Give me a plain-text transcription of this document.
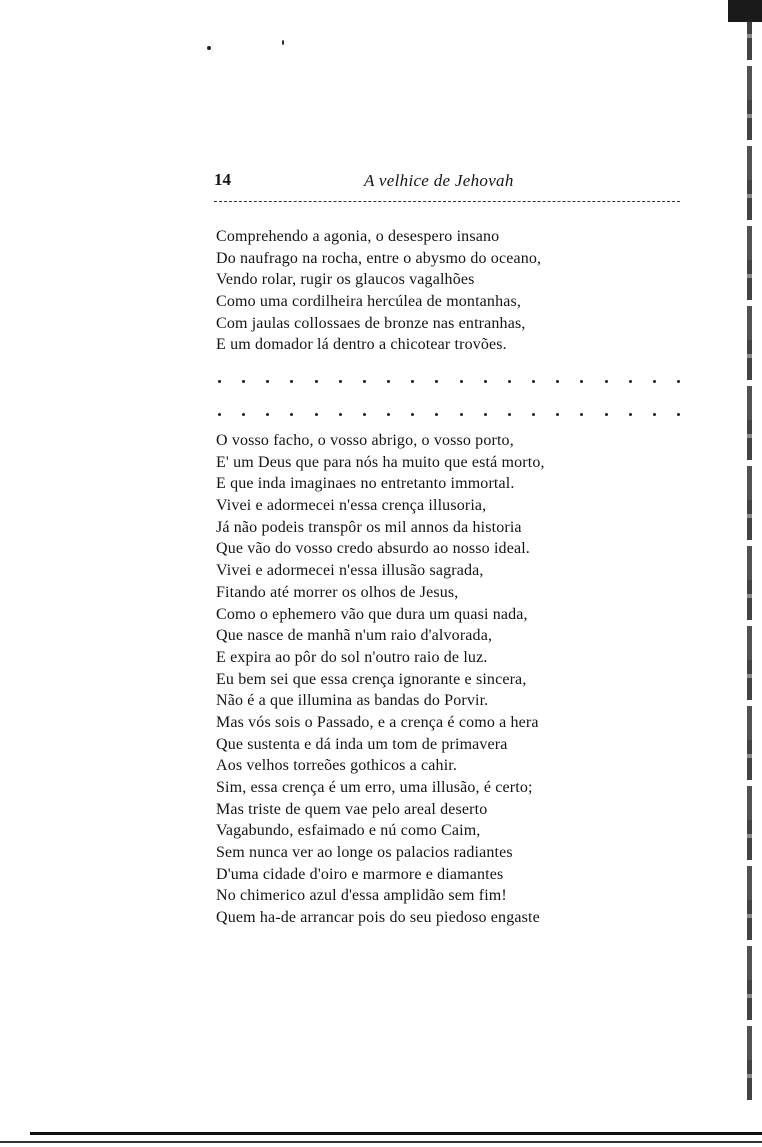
14	A velhice de Jehovah
Comprehendo a agonia, o desespero insano
Do naufrago na rocha, entre o abysmo do oceano,
Vendo rolar, rugir os glaucos vagalhões
Como uma cordilheira hercúlea de montanhas,
Com jaulas collossaes de bronze nas entranhas,
E um domador lá dentro a chicotear trovões.
O vosso facho, o vosso abrigo, o vosso porto,
E' um Deus que para nós ha muito que está morto,
E que inda imaginaes no entretanto immortal.
Vivei e adormecei n'essa crença illusoria,
Já não podeis transpôr os mil annos da historia
Que vão do vosso credo absurdo ao nosso ideal.
Vivei e adormecei n'essa illusão sagrada,
Fitando até morrer os olhos de Jesus,
Como o ephemero vão que dura um quasi nada,
Que nasce de manhã n'um raio d'alvorada,
E expira ao pôr do sol n'outro raio de luz.
Eu bem sei que essa crença ignorante e sincera,
Não é a que illumina as bandas do Porvir.
Mas vós sois o Passado, e a crença é como a hera
Que sustenta e dá inda um tom de primavera
Aos velhos torreões gothicos a cahir.
Sim, essa crença é um erro, uma illusão, é certo;
Mas triste de quem vae pelo areal deserto
Vagabundo, esfaimado e nú como Caim,
Sem nunca ver ao longe os palacios radiantes
D'uma cidade d'oiro e marmore e diamantes
No chimerico azul d'essa amplidão sem fim!
Quem ha-de arrancar pois do seu piedoso engaste
